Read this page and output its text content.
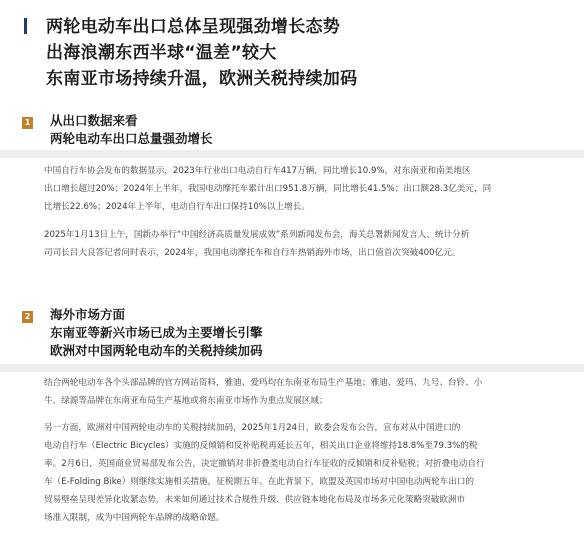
两轮电动车出口总体呈现强劲增长态势
出海浪潮东西半球“温差”较大
东南亚市场持续升温，欧洲关税持续加码
1 从出口数据来看
两轮电动车出口总量强劲增长
中国自行车协会发布的数据显示，2023年行业出口电动自行车417万辆，同比增长10.9%，对东南亚和南美地区
出口增长超过20%；2024年上半年，我国电动摩托车累计出口951.8万辆，同比增长41.5%；出口额28.3亿美元，同
比增长22.6%；2024年上半年，电动自行车出口保持10%以上增长。
2025年1月13日上午，国新办举行“中国经济高质量发展成效”系列新闻发布会，海关总署新闻发言人、统计分析
司司长吕大良答记者问时表示，2024年，我国电动摩托车和自行车热销海外市场，出口值首次突破400亿元。
2 海外市场方面
东南亚等新兴市场已成为主要增长引擎
欧洲对中国两轮电动车的关税持续加码
结合两轮电动车各个头部品牌的官方网站资料，雅迪、爱玛均在东南亚布局生产基地；雅迪、爱玛、九号、台铃、小
牛、绿源等品牌在东南亚布局生产基地或将东南亚市场作为重点发展区域；
另一方面，欧洲对中国两轮电动车的关税持续加码，2025年1月24日，欧委会发布公告，宣布对从中国进口的
电动自行车（Electric Bicycles）实施的反倾销和反补贴税再延长五年，相关出口企业将维持18.8%至79.3%的税
率。2月6日，英国商业贸易部发布公告，决定撤销对非折叠类电动自行车征收的反倾销和反补贴税；对折叠电动自行
车（E-Folding Bike）则继续实施相关措施，征税期五年。在此背景下，欧盟及英国市场对中国电动两轮车出口的
贸易壁垒呈现差异化收紧态势，未来如何通过技术合规性升级、供应链本地化布局及市场多元化策略突破欧洲市
场准入限制，成为中国两轮车品牌的战略命题。
